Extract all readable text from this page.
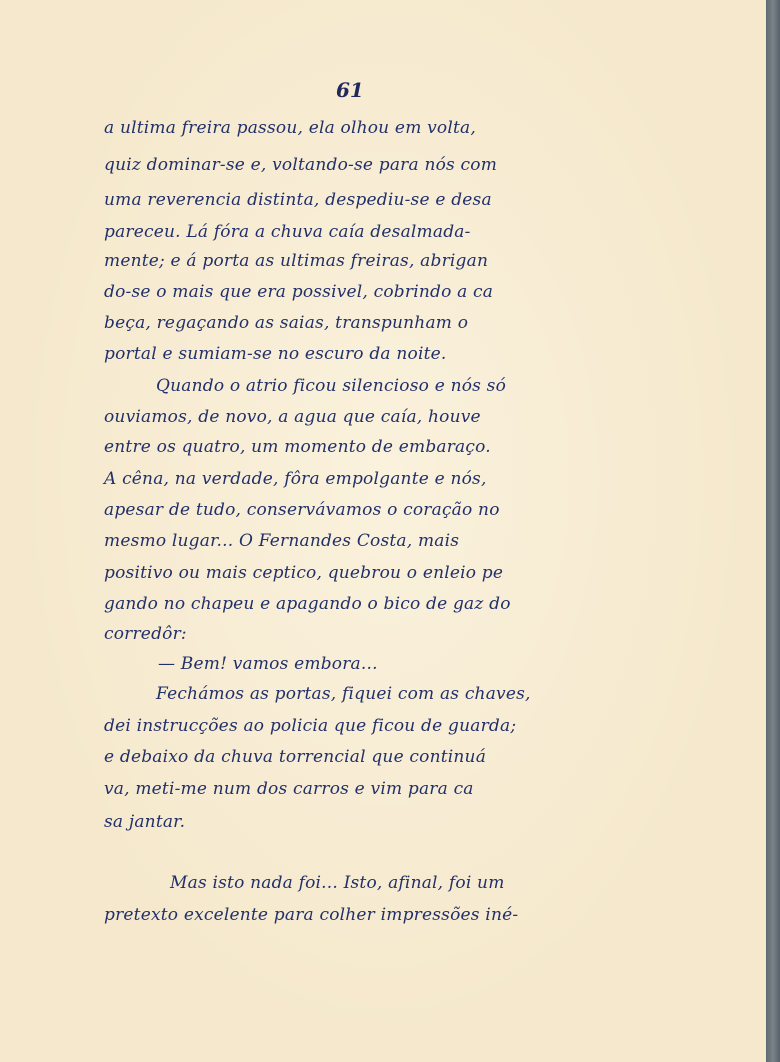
61
a ultima freira passou, ela olhou em volta,
quiz dominar-se e, voltando-se para nós com
uma reverencia distinta, despediu-se e desa
pareceu. Lá fóra a chuva caía desalmada-
mente; e á porta as ultimas freiras, abrigan
do-se o mais que era possivel, cobrindo a ca
beça, regaçando as saias, transpunham o
portal e sumiam-se no escuro da noite.
Quando o atrio ficou silencioso e nós só
ouviamos, de novo, a agua que caía, houve
entre os quatro, um momento de embaraço.
A cêna, na verdade, fôra empolgante e nós,
apesar de tudo, conservávamos o coração no
mesmo lugar... O Fernandes Costa, mais
positivo ou mais ceptico, quebrou o enleio pe
gando no chapeu e apagando o bico de gaz do
corredôr:
— Bem! vamos embora...
Fechámos as portas, fiquei com as chaves,
dei instrucções ao policia que ficou de guarda;
e debaixo da chuva torrencial que continuá
va, meti-me num dos carros e vim para ca
sa jantar.
Mas isto nada foi... Isto, afinal, foi um
pretexto excelente para colher impressões iné-
